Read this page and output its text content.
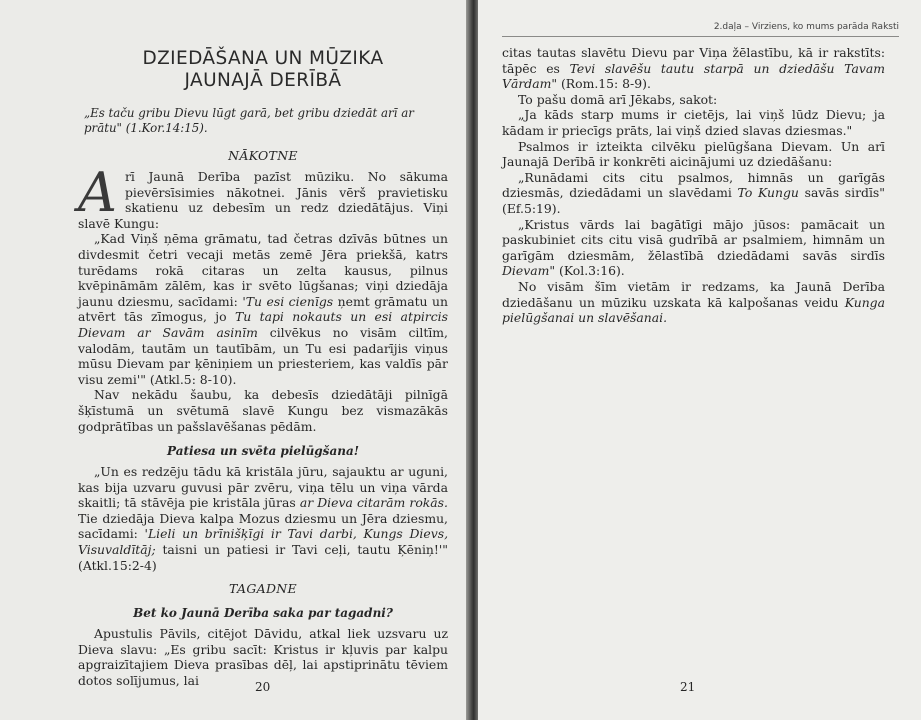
DZIEDĀŠANA UN MŪZIKA
JAUNAJĀ DERĪBĀ
„Es taču gribu Dievu lūgt garā, bet gribu dziedāt arī ar prātu" (1.Kor.14:15).
NĀKOTNE

Arī Jaunā Derība pazīst mūziku. No sākuma pievērsīsimies nākotnei. Jānis vērš pravietisku skatienu uz debesīm un redz dziedātājus. Viņi slavē Kungu:

„Kad Viņš ņēma grāmatu, tad četras dzīvās būtnes un divdesmit četri vecaji metās zemē Jēra priekšā, katrs turēdams rokā citaras un zelta kausus, pilnus kvēpināmām zālēm, kas ir svēto lūgšanas; viņi dziedāja jaunu dziesmu, sacīdami: 'Tu esi cienīgs ņemt grāmatu un atvērt tās zīmogus, jo Tu tapi nokauts un esi atpircis Dievam ar Savām asinīm cilvēkus no visām ciltīm, valodām, tautām un tautībām, un Tu esi padarījis viņus mūsu Dievam par ķēniņiem un priesteriem, kas valdīs pār visu zemi'" (Atkl.5: 8-10).

Nav nekādu šaubu, ka debesīs dziedātāji pilnīgā šķīstumā un svētumā slavē Kungu bez vismazākās godprātības un pašslavēšanas pēdām.

Patiesa un svēta pielūgšana!

„Un es redzēju tādu kā kristāla jūru, sajauktu ar uguni, kas bija uzvaru guvusi pār zvēru, viņa tēlu un viņa vārda skaitli; tā stāvēja pie kristāla jūras ar Dieva citarām rokās. Tie dziedāja Dieva kalpa Mozus dziesmu un Jēra dziesmu, sacīdami: 'Lieli un brīnišķīgi ir Tavi darbi, Kungs Dievs, Visuvaldītāj; taisni un patiesi ir Tavi ceļi, tautu Ķēniņ!'" (Atkl.15:2-4)

TAGADNE
Bet ko Jaunā Derība saka par tagadni?

Apustulis Pāvils, citējot Dāvidu, atkal liek uzsvaru uz Dieva slavu: „Es gribu sacīt: Kristus ir kļuvis par kalpu apgraizītajiem Dieva prasības dēļ, lai apstiprinātu tēviem dotos solījumus, lai	20
2.daļa – Virziens, ko mums parāda Raksti

citas tautas slavētu Dievu par Viņa žēlastību, kā ir rakstīts: tāpēc es Tevi slavēšu tautu starpā un dziedāšu Tavam Vārdam" (Rom.15: 8-9).

To pašu domā arī Jēkabs, sakot:

„Ja kāds starp mums ir cietējs, lai viņš lūdz Dievu; ja kādam ir priecīgs prāts, lai viņš dzied slavas dziesmas."

Psalmos ir izteikta cilvēku pielūgšana Dievam. Un arī Jaunajā Derībā ir konkrēti aicinājumi uz dziedāšanu:

„Runādami cits citu psalmos, himnās un garīgās dziesmās, dziedādami un slavēdami To Kungu savās sirdīs" (Ef.5:19).

„Kristus vārds lai bagātīgi mājo jūsos: pamācait un paskubiniet cits citu visā gudrībā ar psalmiem, himnām un garīgām dziesmām, žēlastībā dziedādami savās sirdīs Dievam" (Kol.3:16).

No visām šīm vietām ir redzams, ka Jaunā Derība dziedāšanu un mūziku uzskata kā kalpošanas veidu Kunga pielūgšanai un slavēšanai.

21
